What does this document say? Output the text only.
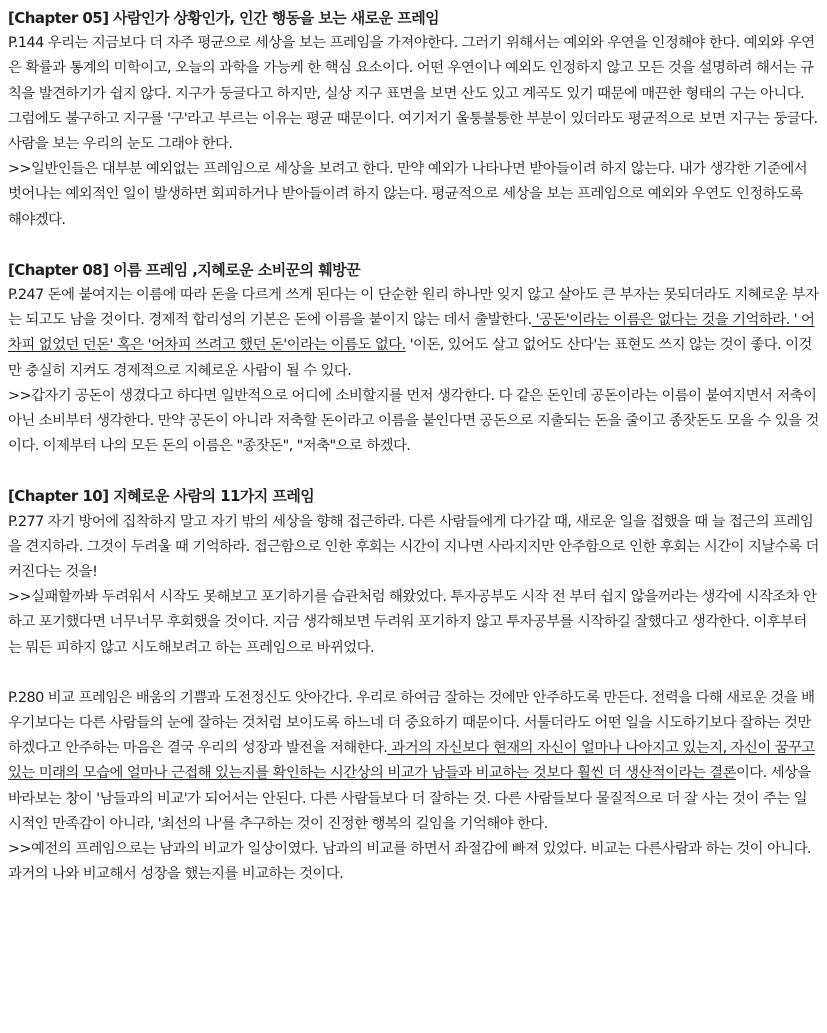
[Chapter 05] 사람인가 상황인가, 인간 행동을 보는 새로운 프레임

P.144 우리는 지금보다 더 자주 평균으로 세상을 보는 프레임을 가져야한다. 그러기 위해서는 예외와 우연을 인정해야 한다. 예외와 우연은 확률과 통계의 미학이고, 오늘의 과학을 가능케 한 핵심 요소이다. 어떤 우연이나 예외도 인정하지 않고 모든 것을 설명하려 해서는 규칙을 발견하기가 쉽지 않다. 지구가 둥글다고 하지만, 실상 지구 표면을 보면 산도 있고 계곡도 있기 때문에 매끈한 형태의 구는 아니다. 그럼에도 불구하고 지구를 '구'라고 부르는 이유는 평균 때문이다. 여기저기 울퉁불퉁한 부분이 있더라도 평균적으로 보면 지구는 둥글다. 사람을 보는 우리의 눈도 그래야 한다.

>>일반인들은 대부분 예외없는 프레임으로 세상을 보려고 한다. 만약 예외가 나타나면 받아들이려 하지 않는다. 내가 생각한 기준에서 벗어나는 예외적인 일이 발생하면 회피하거나 받아들이려 하지 않는다. 평균적으로 세상을 보는 프레임으로 예외와 우연도 인정하도록 해야겠다.

[Chapter 08] 이름 프레임 ,지혜로운 소비꾼의 훼방꾼

P.247 돈에 붙여지는 이름에 따라 돈을 다르게 쓰게 된다는 이 단순한 원리 하나만 잊지 않고 살아도 큰 부자는 못되더라도 지혜로운 부자는 되고도 남을 것이다. 경제적 합리성의 기본은 돈에 이름을 붙이지 않는 데서 출발한다. '공돈'이라는 이름은 없다는 것을 기억하라. ' 어차피 없었던 던돈' 혹은 '어차피 쓰려고 했던 돈'이라는 이름도 없다. '이돈, 있어도 살고 없어도 산다'는 표현도 쓰지 않는 것이 좋다. 이것만 충실히 지켜도 경제적으로 지혜로운 사람이 될 수 있다.

>>갑자기 공돈이 생겼다고 하다면 일반적으로 어디에 소비할지를 먼저 생각한다. 다 같은 돈인데 공돈이라는 이름이 붙여지면서 저축이 아닌 소비부터 생각한다. 만약 공돈이 아니라 저축할 돈이라고 이름을 붙인다면 공돈으로 지출되는 돈을 줄이고 종잣돈도 모을 수 있을 것이다. 이제부터 나의 모든 돈의 이름은 "종잣돈", "저축"으로 하겠다.

[Chapter 10] 지혜로운 사람의 11가지 프레임

P.277 자기 방어에 집착하지 말고 자기 밖의 세상을 향해 접근하라. 다른 사람들에게 다가갈 때, 새로운 일을 접했을 때 늘 접근의 프레임을 견지하라. 그것이 두려울 때 기억하라. 접근함으로 인한 후회는 시간이 지나면 사라지지만 안주함으로 인한 후회는 시간이 지날수록 더 커진다는 것을!

>>실패할까봐 두려워서 시작도 못해보고 포기하기를 습관처럼 해왔었다. 투자공부도 시작 전 부터 쉽지 않을꺼라는 생각에 시작조차 안하고 포기했다면 너무너무 후회했을 것이다. 지금 생각해보면 두려워 포기하지 않고 투자공부를 시작하길 잘했다고 생각한다. 이후부터는 뭐든 피하지 않고 시도해보려고 하는 프레임으로 바뀌었다.

P.280 비교 프레임은 배움의 기쁨과 도전정신도 앗아간다. 우리로 하여금 잘하는 것에만 안주하도록 만든다. 전력을 다해 새로운 것을 배우기보다는 다른 사람들의 눈에 잘하는 것처럼 보이도록 하느네 더 중요하기 때문이다. 서툴더라도 어떤 일을 시도하기보다 잘하는 것만 하겠다고 안주하는 마음은 결국 우리의 성장과 발전을 저해한다. 과거의 자신보다 현재의 자신이 얼마나 나아지고 있는지, 자신이 꿈꾸고 있는 미래의 모습에 얼마나 근접해 있는지를 확인하는 시간상의 비교가 남들과 비교하는 것보다 훨씬 더 생산적이라는 결론이다. 세상을 바라보는 창이 '남들과의 비교'가 되어서는 안된다. 다른 사람들보다 더 잘하는 것. 다른 사람들보다 물질적으로 더 잘 사는 것이 주는 일시적인 만족감이 아니라, '최선의 나'를 추구하는 것이 진정한 행복의 길임을 기억해야 한다.

>>예전의 프레임으로는 남과의 비교가 일상이였다. 남과의 비교를 하면서 좌절감에 빠져 있었다. 비교는 다른사람과 하는 것이 아니다. 과거의 나와 비교해서 성장을 했는지를 비교하는 것이다.
